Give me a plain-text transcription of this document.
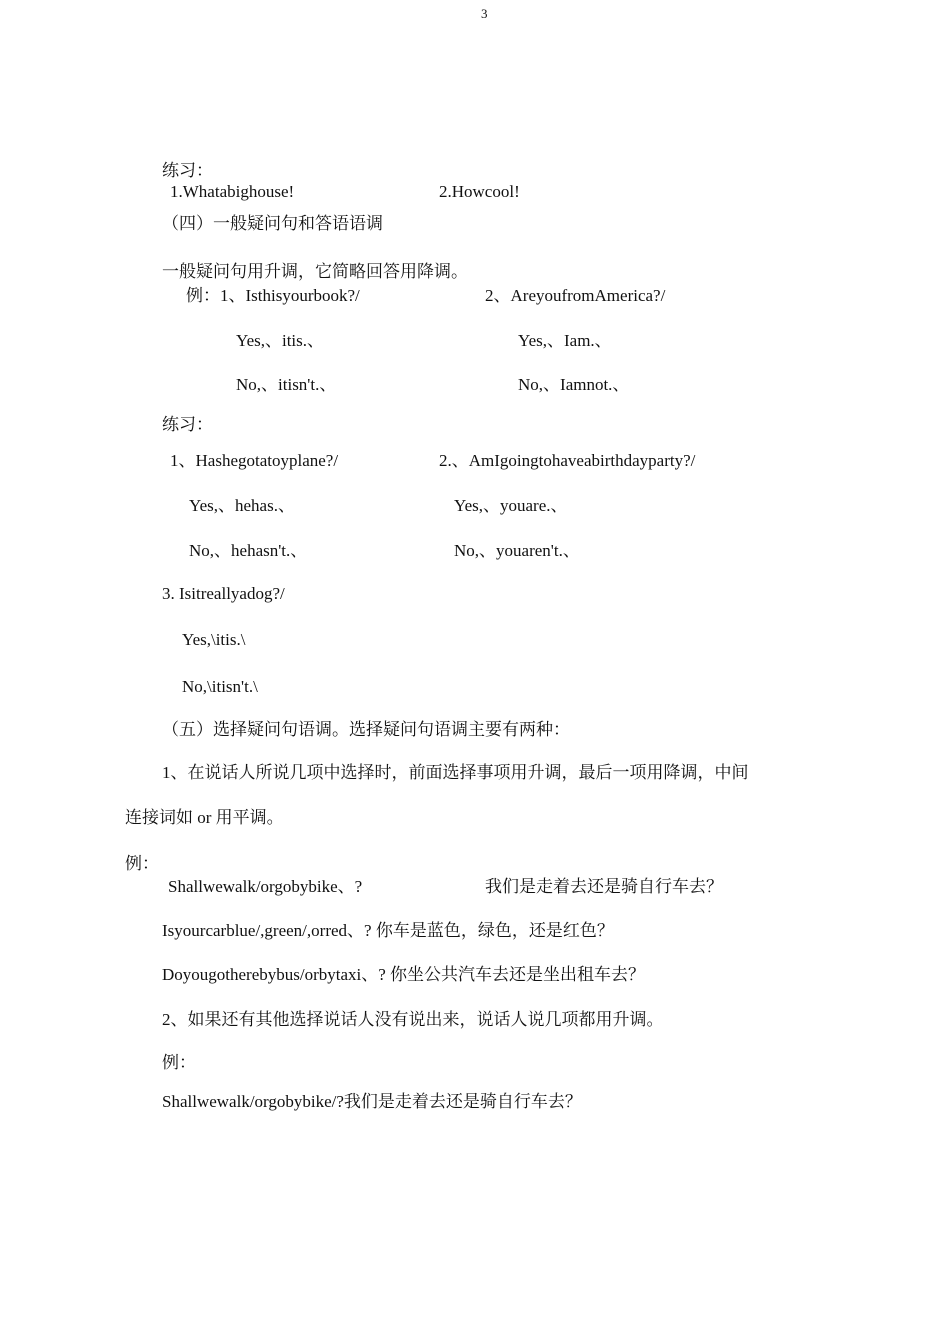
3
练习：
1.Whatabighouse!	2.Howcool!
（四）一般疑问句和答语语调
一般疑问句用升调，它简略回答用降调。
例：1、Isthisyourbook?/	2、AreyoufromAmerica?/
Yes,、itis.、	Yes,、Iam.、
No,、itisn't.、	No,、Iamnot.、
练习：
1、Hashegotatoyplane?/	2.、AmIgoingtohaveabirthdayparty?/
Yes,、hehas.、	Yes,、youare.、
No,、hehasn't.、	No,、youaren't.、
3. Isitreallyadog?/
Yes,\itis.\
No,\itisn't.\
（五）选择疑问句语调。选择疑问句语调主要有两种：
1、在说话人所说几项中选择时，前面选择事项用升调，最后一项用降调，中间
连接词如 or 用平调。
例：
Shallwewalk/orgobybike、?	我们是走着去还是骑自行车去？
Isyourcarblue/,green/,orred、? 你车是蓝色，绿色，还是红色？
Doyougotherebybus/orbytaxi、? 你坐公共汽车去还是坐出租车去？
2、如果还有其他选择说话人没有说出来，说话人说几项都用升调。
例：
Shallwewalk/orgobybike/?我们是走着去还是骑自行车去？
